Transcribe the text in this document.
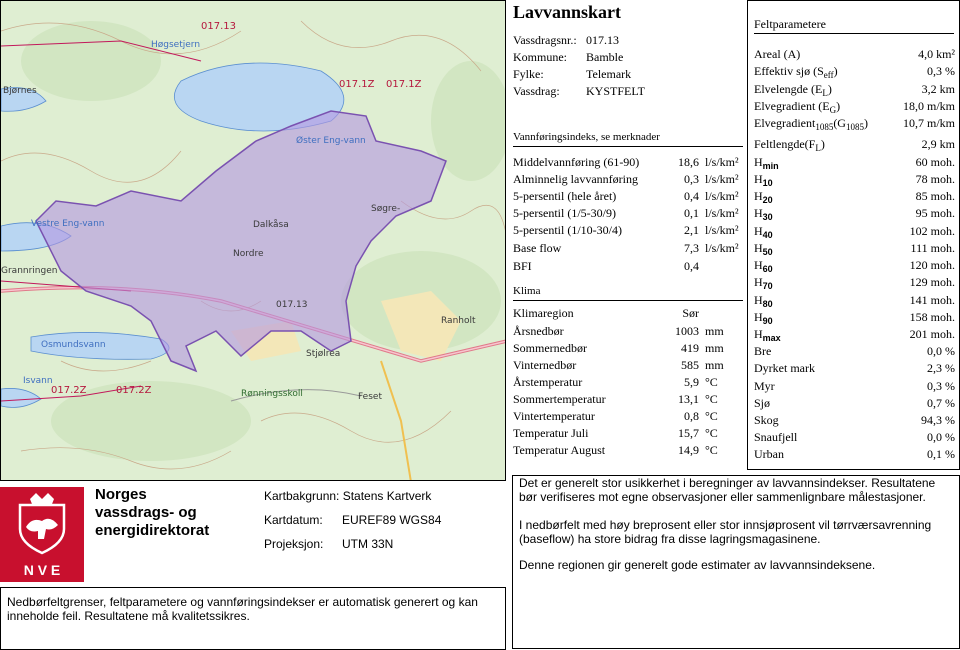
Høgsetjern
Bjørnes
Øster Eng-vann
Vestre Eng-vann
Nordre
Dalkåsa
Søgre-
Grannringen
Osmundsvann
Isvann
Ranholt
Stjølrea
Feset
Rønningsskoll
017.13
017.1Z 017.1Z
017.2Z	017.2Z
017.13
Lavvannskart
Vassdragsnr.: 017.13
Kommune: Bamble
Fylke:	Telemark
Vassdrag: KYSTFELT
Vannføringsindeks, se merknader
Middelvannføring (61-90)	18,6 l/s/km²
Alminnelig lavvannføring	0,3 l/s/km²
5-persentil (hele året)	0,4 l/s/km²
5-persentil (1/5-30/9)	0,1 l/s/km²
5-persentil (1/10-30/4)	2,1 l/s/km²
Base flow	7,3 l/s/km²
BFI	0,4
Klima
Klimaregion	Sør
Årsnedbør	1003 mm
Sommernedbør	419 mm
Vinternedbør	585 mm
Årstemperatur	5,9 °C
Sommertemperatur	13,1 °C
Vintertemperatur	0,8 °C
Temperatur Juli	15,7 °C
Temperatur August	14,9 °C
Feltparametere
Areal (A)	4,0 km²
Effektiv sjø $(S_{eff})$	0,3 %
Elvelengde $(E_L)$	3,2 km
Elvegradient $(E_G)$	18,0 m/km
$Elvegradient_{1085}(G_{1085})$	10,7 m/km
$Feltlengde(F_L)$	2,9 km
$H_{min}$	60 moh.
$H_{10}$	78 moh.
$H_{20}$	85 moh.
$H_{30}$	95 moh.
$H_{40}$	102 moh.
$H_{50}$	111 moh.
$H_{60}$	120 moh.
$H_{70}$	129 moh.
$H_{80}$	141 moh.
$H_{90}$	158 moh.
$H_{max}$	201 moh.
Bre	0,0 %
Dyrket mark	2,3 %
Myr	0,3 %
Sjø	0,7 %
Skog	94,3 %
Snaufjell	0,0 %
Urban	0,1 %
N V E
Norges
vassdrags- og
energidirektorat
Kartbakgrunn: Statens Kartverk
Kartdatum: EUREF89 WGS84
Projeksjon: UTM 33N
Nedbørfeltgrenser, feltparametere og vannføringsindekser er automatisk generert og kan inneholde feil. Resultatene må kvalitetssikres.

Det er generelt stor usikkerhet i beregninger av lavvannsindekser. Resultatene bør verifiseres mot egne observasjoner eller sammenlignbare målestasjoner.

I nedbørfelt med høy breprosent eller stor innsjøprosent vil tørrværsavrenning (baseflow) ha store bidrag fra disse lagringsmagasinene.

Denne regionen gir generelt gode estimater av lavvannsindeksene.
